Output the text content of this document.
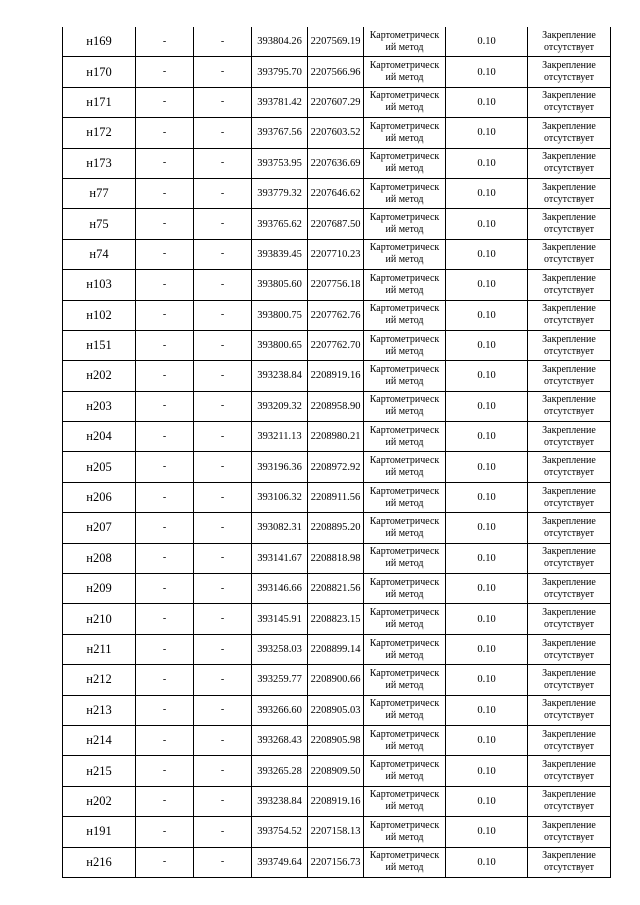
н169	-	-	393804.26	2207569.19	Картометрическ
ий метод	0.10	Закрепление
отсутствует

н170	-	-	393795.70	2207566.96	Картометрическ
ий метод	0.10	Закрепление
отсутствует

н171	-	-	393781.42	2207607.29	Картометрическ
ий метод	0.10	Закрепление
отсутствует

н172	-	-	393767.56	2207603.52	Картометрическ
ий метод	0.10	Закрепление
отсутствует

н173	-	-	393753.95	2207636.69	Картометрическ
ий метод	0.10	Закрепление
отсутствует

н77	-	-	393779.32	2207646.62	Картометрическ
ий метод	0.10	Закрепление
отсутствует

н75	-	-	393765.62	2207687.50	Картометрическ
ий метод	0.10	Закрепление
отсутствует

н74	-	-	393839.45	2207710.23	Картометрическ
ий метод	0.10	Закрепление
отсутствует

н103	-	-	393805.60	2207756.18	Картометрическ
ий метод	0.10	Закрепление
отсутствует

н102	-	-	393800.75	2207762.76	Картометрическ
ий метод	0.10	Закрепление
отсутствует

н151	-	-	393800.65	2207762.70	Картометрическ
ий метод	0.10	Закрепление
отсутствует

н202	-	-	393238.84	2208919.16	Картометрическ
ий метод	0.10	Закрепление
отсутствует

н203	-	-	393209.32	2208958.90	Картометрическ
ий метод	0.10	Закрепление
отсутствует

н204	-	-	393211.13	2208980.21	Картометрическ
ий метод	0.10	Закрепление
отсутствует

н205	-	-	393196.36	2208972.92	Картометрическ
ий метод	0.10	Закрепление
отсутствует

н206	-	-	393106.32	2208911.56	Картометрическ
ий метод	0.10	Закрепление
отсутствует

н207	-	-	393082.31	2208895.20	Картометрическ
ий метод	0.10	Закрепление
отсутствует

н208	-	-	393141.67	2208818.98	Картометрическ
ий метод	0.10	Закрепление
отсутствует

н209	-	-	393146.66	2208821.56	Картометрическ
ий метод	0.10	Закрепление
отсутствует

н210	-	-	393145.91	2208823.15	Картометрическ
ий метод	0.10	Закрепление
отсутствует

н211	-	-	393258.03	2208899.14	Картометрическ
ий метод	0.10	Закрепление
отсутствует

н212	-	-	393259.77	2208900.66	Картометрическ
ий метод	0.10	Закрепление
отсутствует

н213	-	-	393266.60	2208905.03	Картометрическ
ий метод	0.10	Закрепление
отсутствует

н214	-	-	393268.43	2208905.98	Картометрическ
ий метод	0.10	Закрепление
отсутствует

н215	-	-	393265.28	2208909.50	Картометрическ
ий метод	0.10	Закрепление
отсутствует

н202	-	-	393238.84	2208919.16	Картометрическ
ий метод	0.10	Закрепление
отсутствует

н191	-	-	393754.52	2207158.13	Картометрическ
ий метод	0.10	Закрепление
отсутствует

н216	-	-	393749.64	2207156.73	Картометрическ
ий метод	0.10	Закрепление
отсутствует
